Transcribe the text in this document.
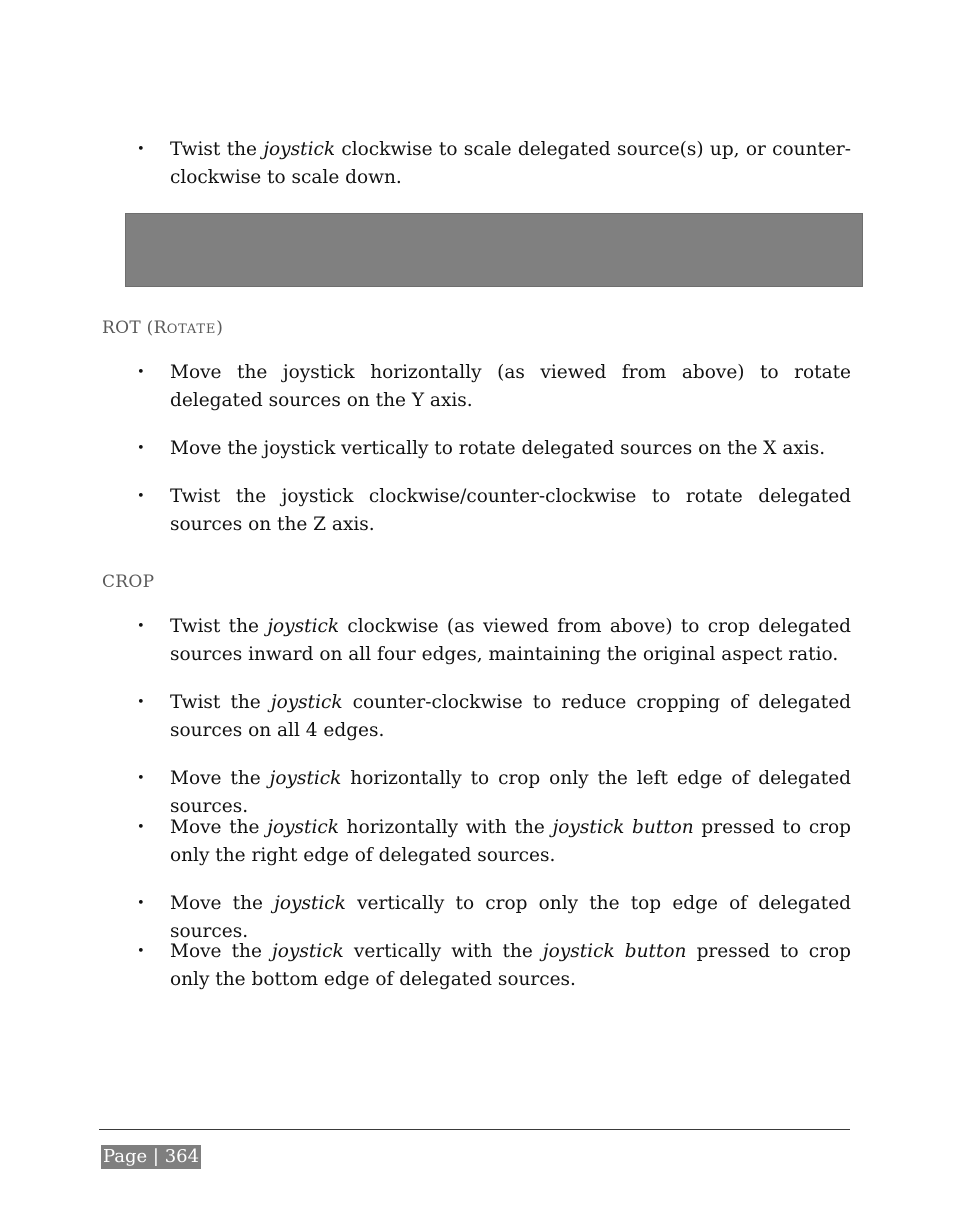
• Twist the joystick clockwise to scale delegated source(s) up, or counter-clockwise to scale down.
ROT (ROTATE)
• Move the joystick horizontally (as viewed from above) to rotate delegated sources on the Y axis.
• Move the joystick vertically to rotate delegated sources on the X axis.
• Twist the joystick clockwise/counter-clockwise to rotate delegated sources on the Z axis.
CROP
• Twist the joystick clockwise (as viewed from above) to crop delegated sources inward on all four edges, maintaining the original aspect ratio.
• Twist the joystick counter-clockwise to reduce cropping of delegated sources on all 4 edges.
• Move the joystick horizontally to crop only the left edge of delegated sources.
• Move the joystick horizontally with the joystick button pressed to crop only the right edge of delegated sources.
• Move the joystick vertically to crop only the top edge of delegated sources.
• Move the joystick vertically with the joystick button pressed to crop only the bottom edge of delegated sources.
Page | 364
